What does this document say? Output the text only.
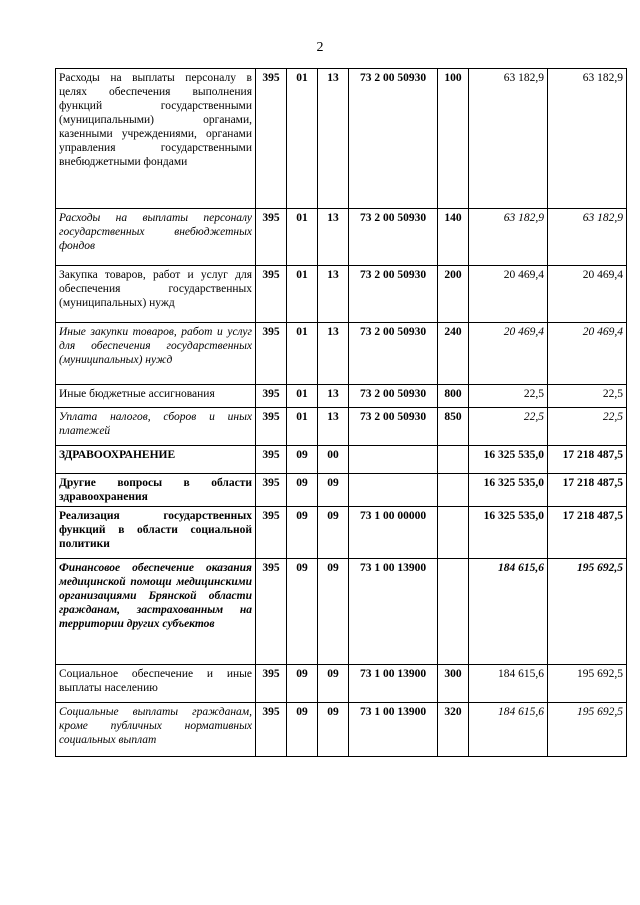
2
Расходы на выплаты персоналу в целях обеспечения выполнения функций государственными (муниципальными) органами, казенными учреждениями, органами управления государственными внебюджетными фондами	395	01	13	73 2 00 50930	100	63 182,9	63 182,9
Расходы на выплаты персоналу государственных внебюджетных фондов	395	01	13	73 2 00 50930	140	63 182,9	63 182,9
Закупка товаров, работ и услуг для обеспечения государственных (муниципальных) нужд	395	01	13	73 2 00 50930	200	20 469,4	20 469,4
Иные закупки товаров, работ и услуг для обеспечения государственных (муниципальных) нужд	395	01	13	73 2 00 50930	240	20 469,4	20 469,4
Иные бюджетные ассигнования	395	01	13	73 2 00 50930	800	22,5	22,5
Уплата налогов, сборов и иных платежей	395	01	13	73 2 00 50930	850	22,5	22,5
ЗДРАВООХРАНЕНИЕ	395	09	00			16 325 535,0	17 218 487,5
Другие вопросы в области здравоохранения	395	09	09			16 325 535,0	17 218 487,5
Реализация государственных функций в области социальной политики	395	09	09	73 1 00 00000		16 325 535,0	17 218 487,5
Финансовое обеспечение оказания медицинской помощи медицинскими организациями Брянской области гражданам, застрахованным на территории других субъектов	395	09	09	73 1 00 13900		184 615,6	195 692,5
Социальное обеспечение и иные выплаты населению	395	09	09	73 1 00 13900	300	184 615,6	195 692,5
Социальные выплаты гражданам, кроме публичных нормативных социальных выплат	395	09	09	73 1 00 13900	320	184 615,6	195 692,5
